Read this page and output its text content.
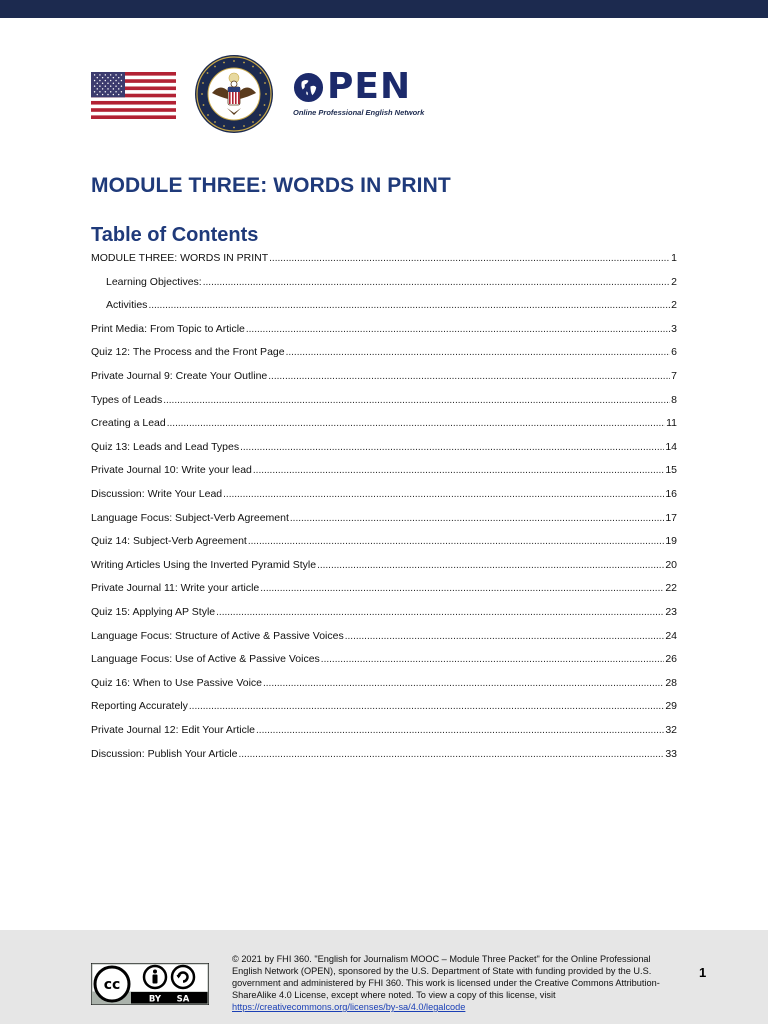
PEN
Online Professional English Network
MODULE THREE: WORDS IN PRINT
Table of Contents
MODULE THREE: WORDS IN PRINT .....	1
Learning Objectives: .....	2
Activities .....	2
Print Media: From Topic to Article .....	3
Quiz 12: The Process and the Front Page .....	6
Private Journal 9: Create Your Outline .....	7
Types of Leads .....	8
Creating a Lead .....	11
Quiz 13: Leads and Lead Types .....	14
Private Journal 10: Write your lead .....	15
Discussion: Write Your Lead .....	16
Language Focus: Subject-Verb Agreement .....	17
Quiz 14: Subject-Verb Agreement .....	19
Writing Articles Using the Inverted Pyramid Style .....	20
Private Journal 11: Write your article .....	22
Quiz 15: Applying AP Style .....	23
Language Focus: Structure of Active & Passive Voices .....	24
Language Focus: Use of Active & Passive Voices .....	26
Quiz 16: When to Use Passive Voice .....	28
Reporting Accurately .....	29
Private Journal 12: Edit Your Article .....	32
Discussion: Publish Your Article .....	33
cc
BY SA
© 2021 by FHI 360. "English for Journalism MOOC – Module Three Packet" for the Online Professional English Network (OPEN), sponsored by the U.S. Department of State with funding provided by the U.S. government and administered by FHI 360. This work is licensed under the Creative Commons Attribution-ShareAlike 4.0 License, except where noted. To view a copy of this license, visit https://creativecommons.org/licenses/by-sa/4.0/legalcode
1
